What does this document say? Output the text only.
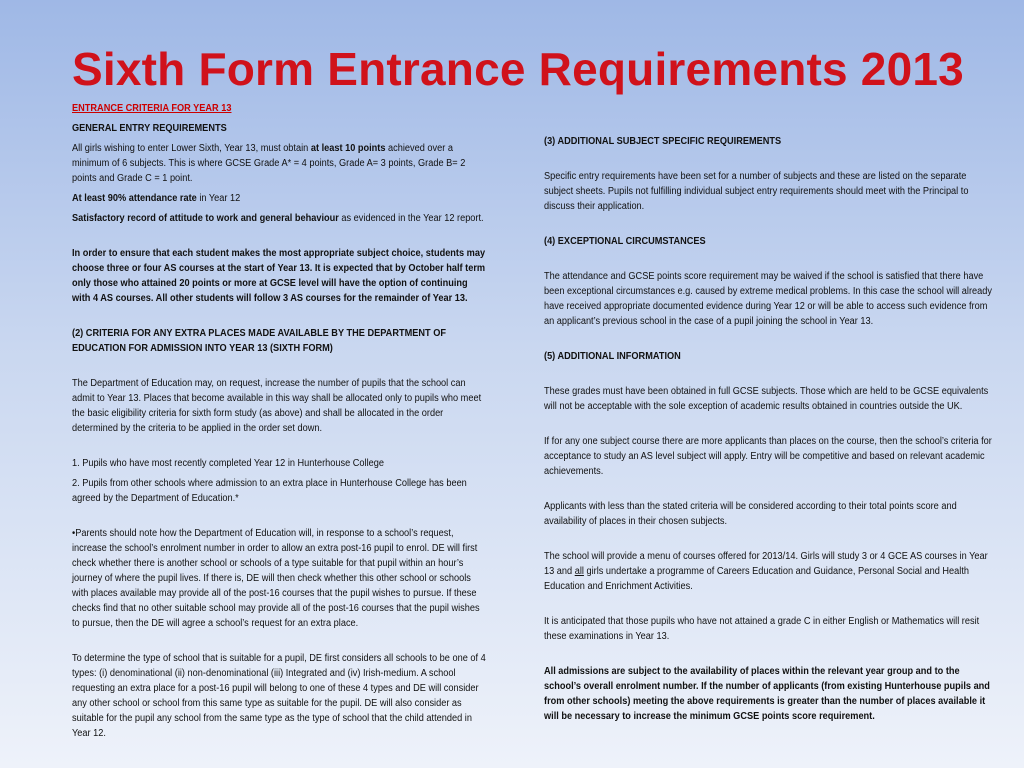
Sixth Form Entrance Requirements 2013

ENTRANCE CRITERIA FOR YEAR 13

GENERAL ENTRY REQUIREMENTS

All girls wishing to enter Lower Sixth, Year 13, must obtain at least 10 points achieved over a minimum of 6 subjects. This is where GCSE Grade A* = 4 points, Grade A= 3 points, Grade B= 2 points and Grade C = 1 point.

At least 90% attendance rate in Year 12

Satisfactory record of attitude to work and general behaviour as evidenced in the Year 12 report.

In order to ensure that each student makes the most appropriate subject choice, students may choose three or four AS courses at the start of Year 13. It is expected that by October half term only those who attained 20 points or more at GCSE level will have the option of continuing with 4 AS courses. All other students will follow 3 AS courses for the remainder of Year 13.

(2) CRITERIA FOR ANY EXTRA PLACES MADE AVAILABLE BY THE DEPARTMENT OF EDUCATION FOR ADMISSION INTO YEAR 13 (SIXTH FORM)

The Department of Education may, on request, increase the number of pupils that the school can admit to Year 13. Places that become available in this way shall be allocated only to pupils who meet the basic eligibility criteria for sixth form study (as above) and shall be allocated in the order determined by the criteria to be applied in the order set down.

1. Pupils who have most recently completed Year 12 in Hunterhouse College

2. Pupils from other schools where admission to an extra place in Hunterhouse College has been agreed by the Department of Education.*

•Parents should note how the Department of Education will, in response to a school’s request, increase the school’s enrolment number in order to allow an extra post-16 pupil to enrol. DE will first check whether there is another school or schools of a type suitable for that pupil within an hour’s journey of where the pupil lives. If there is, DE will then check whether this other school or schools with places available may provide all of the post-16 courses that the pupil wishes to pursue. If these checks find that no other suitable school may provide all of the post-16 courses that the pupil wishes to pursue, then the DE will agree a school’s request for an extra place.

To determine the type of school that is suitable for a pupil, DE first considers all schools to be one of 4 types: (i) denominational (ii) non-denominational (iii) Integrated and (iv) Irish-medium. A school requesting an extra place for a post-16 pupil will belong to one of these 4 types and DE will consider any other school or school from this same type as suitable for the pupil. DE will also consider as suitable for the pupil any school from the same type as the type of school that the child attended in Year 12.

(3) ADDITIONAL SUBJECT SPECIFIC REQUIREMENTS

Specific entry requirements have been set for a number of subjects and these are listed on the separate subject sheets. Pupils not fulfilling individual subject entry requirements should meet with the Principal to discuss their application.

(4) EXCEPTIONAL CIRCUMSTANCES

The attendance and GCSE points score requirement may be waived if the school is satisfied that there have been exceptional circumstances e.g. caused by extreme medical problems. In this case the school will already have received appropriate documented evidence during Year 12 or will be able to access such evidence from an applicant’s previous school in the case of a pupil joining the school in Year 13.

(5) ADDITIONAL INFORMATION

These grades must have been obtained in full GCSE subjects. Those which are held to be GCSE equivalents will not be acceptable with the sole exception of academic results obtained in countries outside the UK.

If for any one subject course there are more applicants than places on the course, then the school’s criteria for acceptance to study an AS level subject will apply. Entry will be competitive and based on relevant academic achievements.

Applicants with less than the stated criteria will be considered according to their total points score and availability of places in their chosen subjects.

The school will provide a menu of courses offered for 2013/14. Girls will study 3 or 4 GCE AS courses in Year 13 and all girls undertake a programme of Careers Education and Guidance, Personal Social and Health Education and Enrichment Activities.

It is anticipated that those pupils who have not attained a grade C in either English or Mathematics will resit these examinations in Year 13.

All admissions are subject to the availability of places within the relevant year group and to the school’s overall enrolment number. If the number of applicants (from existing Hunterhouse pupils and from other schools) meeting the above requirements is greater than the number of places available it will be necessary to increase the minimum GCSE points score requirement.
